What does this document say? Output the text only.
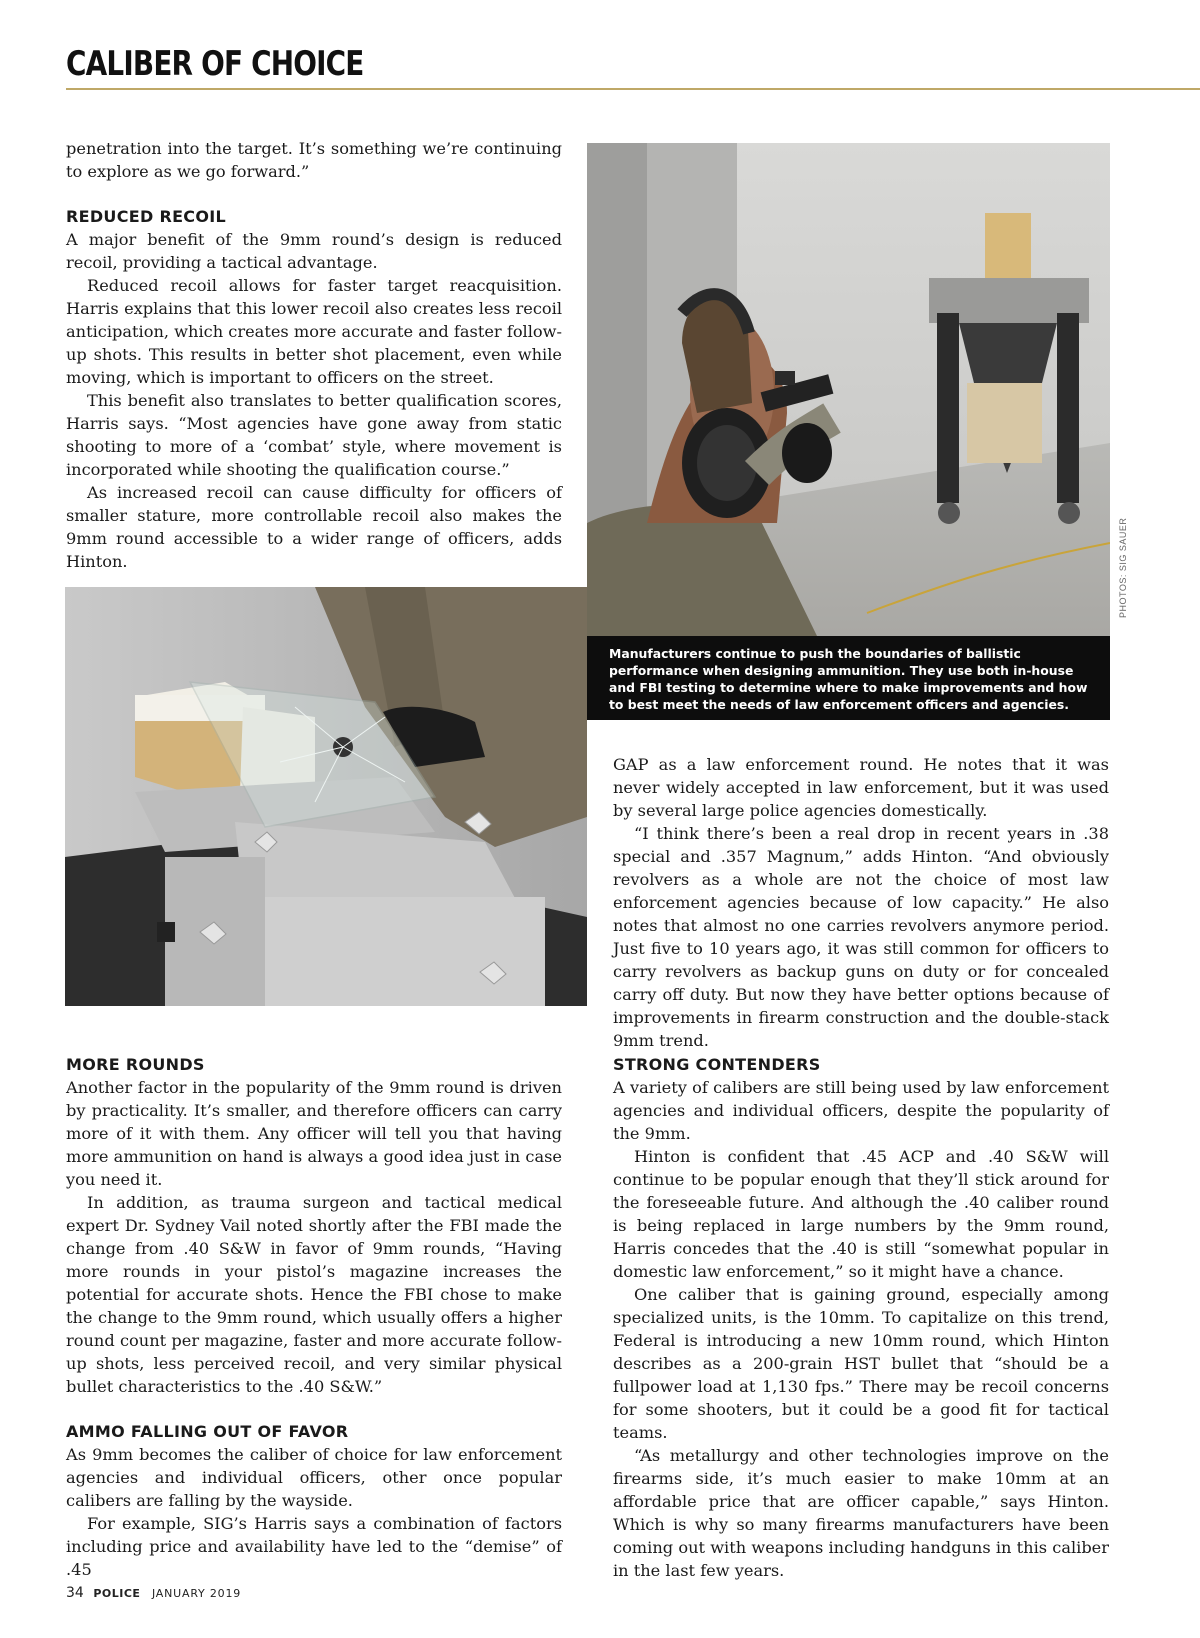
CALIBER OF CHOICE

penetration into the target. It’s something we’re continuing to explore as we go forward.”

REDUCED RECOIL

A major benefit of the 9mm round’s design is reduced recoil, providing a tactical advantage.

Reduced recoil allows for faster target reacquisition. Harris explains that this lower recoil also creates less recoil anticipation, which creates more accurate and faster follow-up shots. This results in better shot placement, even while moving, which is important to officers on the street.

This benefit also translates to better qualification scores, Harris says. “Most agencies have gone away from static shooting to more of a ‘combat’ style, where movement is incorporated while shooting the qualification course.”

As increased recoil can cause difficulty for officers of smaller stature, more controllable recoil also makes the 9mm round accessible to a wider range of officers, adds Hinton.	PHOTOS: SIG SAUER
Manufacturers continue to push the boundaries of ballistic performance when designing ammunition. They use both in-house and FBI testing to determine where to make improvements and how to best meet the needs of law enforcement officers and agencies.

GAP as a law enforcement round. He notes that it was never widely accepted in law enforcement, but it was used by several large police agencies domestically.

“I think there’s been a real drop in recent years in .38 special and .357 Magnum,” adds Hinton. “And obviously revolvers as a whole are not the choice of most law enforcement agencies because of low capacity.” He also notes that almost no one carries revolvers anymore period. Just five to 10 years ago, it was still common for officers to carry revolvers as backup guns on duty or for concealed carry off duty. But now they have better options because of improvements in firearm construction and the double-stack 9mm trend.

MORE ROUNDS

Another factor in the popularity of the 9mm round is driven by practicality. It’s smaller, and therefore officers can carry more of it with them. Any officer will tell you that having more ammunition on hand is always a good idea just in case you need it.

In addition, as trauma surgeon and tactical medical expert Dr. Sydney Vail noted shortly after the FBI made the change from .40 S&W in favor of 9mm rounds, “Having more rounds in your pistol’s magazine increases the potential for accurate shots. Hence the FBI chose to make the change to the 9mm round, which usually offers a higher round count per magazine, faster and more accurate follow-up shots, less perceived recoil, and very similar physical bullet characteristics to the .40 S&W.”

AMMO FALLING OUT OF FAVOR

As 9mm becomes the caliber of choice for law enforcement agencies and individual officers, other once popular calibers are falling by the wayside.

For example, SIG’s Harris says a combination of factors including price and availability have led to the “demise” of .45

STRONG CONTENDERS

A variety of calibers are still being used by law enforcement agencies and individual officers, despite the popularity of the 9mm.

Hinton is confident that .45 ACP and .40 S&W will continue to be popular enough that they’ll stick around for the foreseeable future. And although the .40 caliber round is being replaced in large numbers by the 9mm round, Harris concedes that the .40 is still “somewhat popular in domestic law enforcement,” so it might have a chance.

One caliber that is gaining ground, especially among specialized units, is the 10mm. To capitalize on this trend, Federal is introducing a new 10mm round, which Hinton describes as a 200-grain HST bullet that “should be a fullpower load at 1,130 fps.” There may be recoil concerns for some shooters, but it could be a good fit for tactical teams.

“As metallurgy and other technologies improve on the firearms side, it’s much easier to make 10mm at an affordable price that are officer capable,” says Hinton. Which is why so many firearms manufacturers have been coming out with weapons including handguns in this caliber in the last few years.

34 POLICE JANUARY 2019
